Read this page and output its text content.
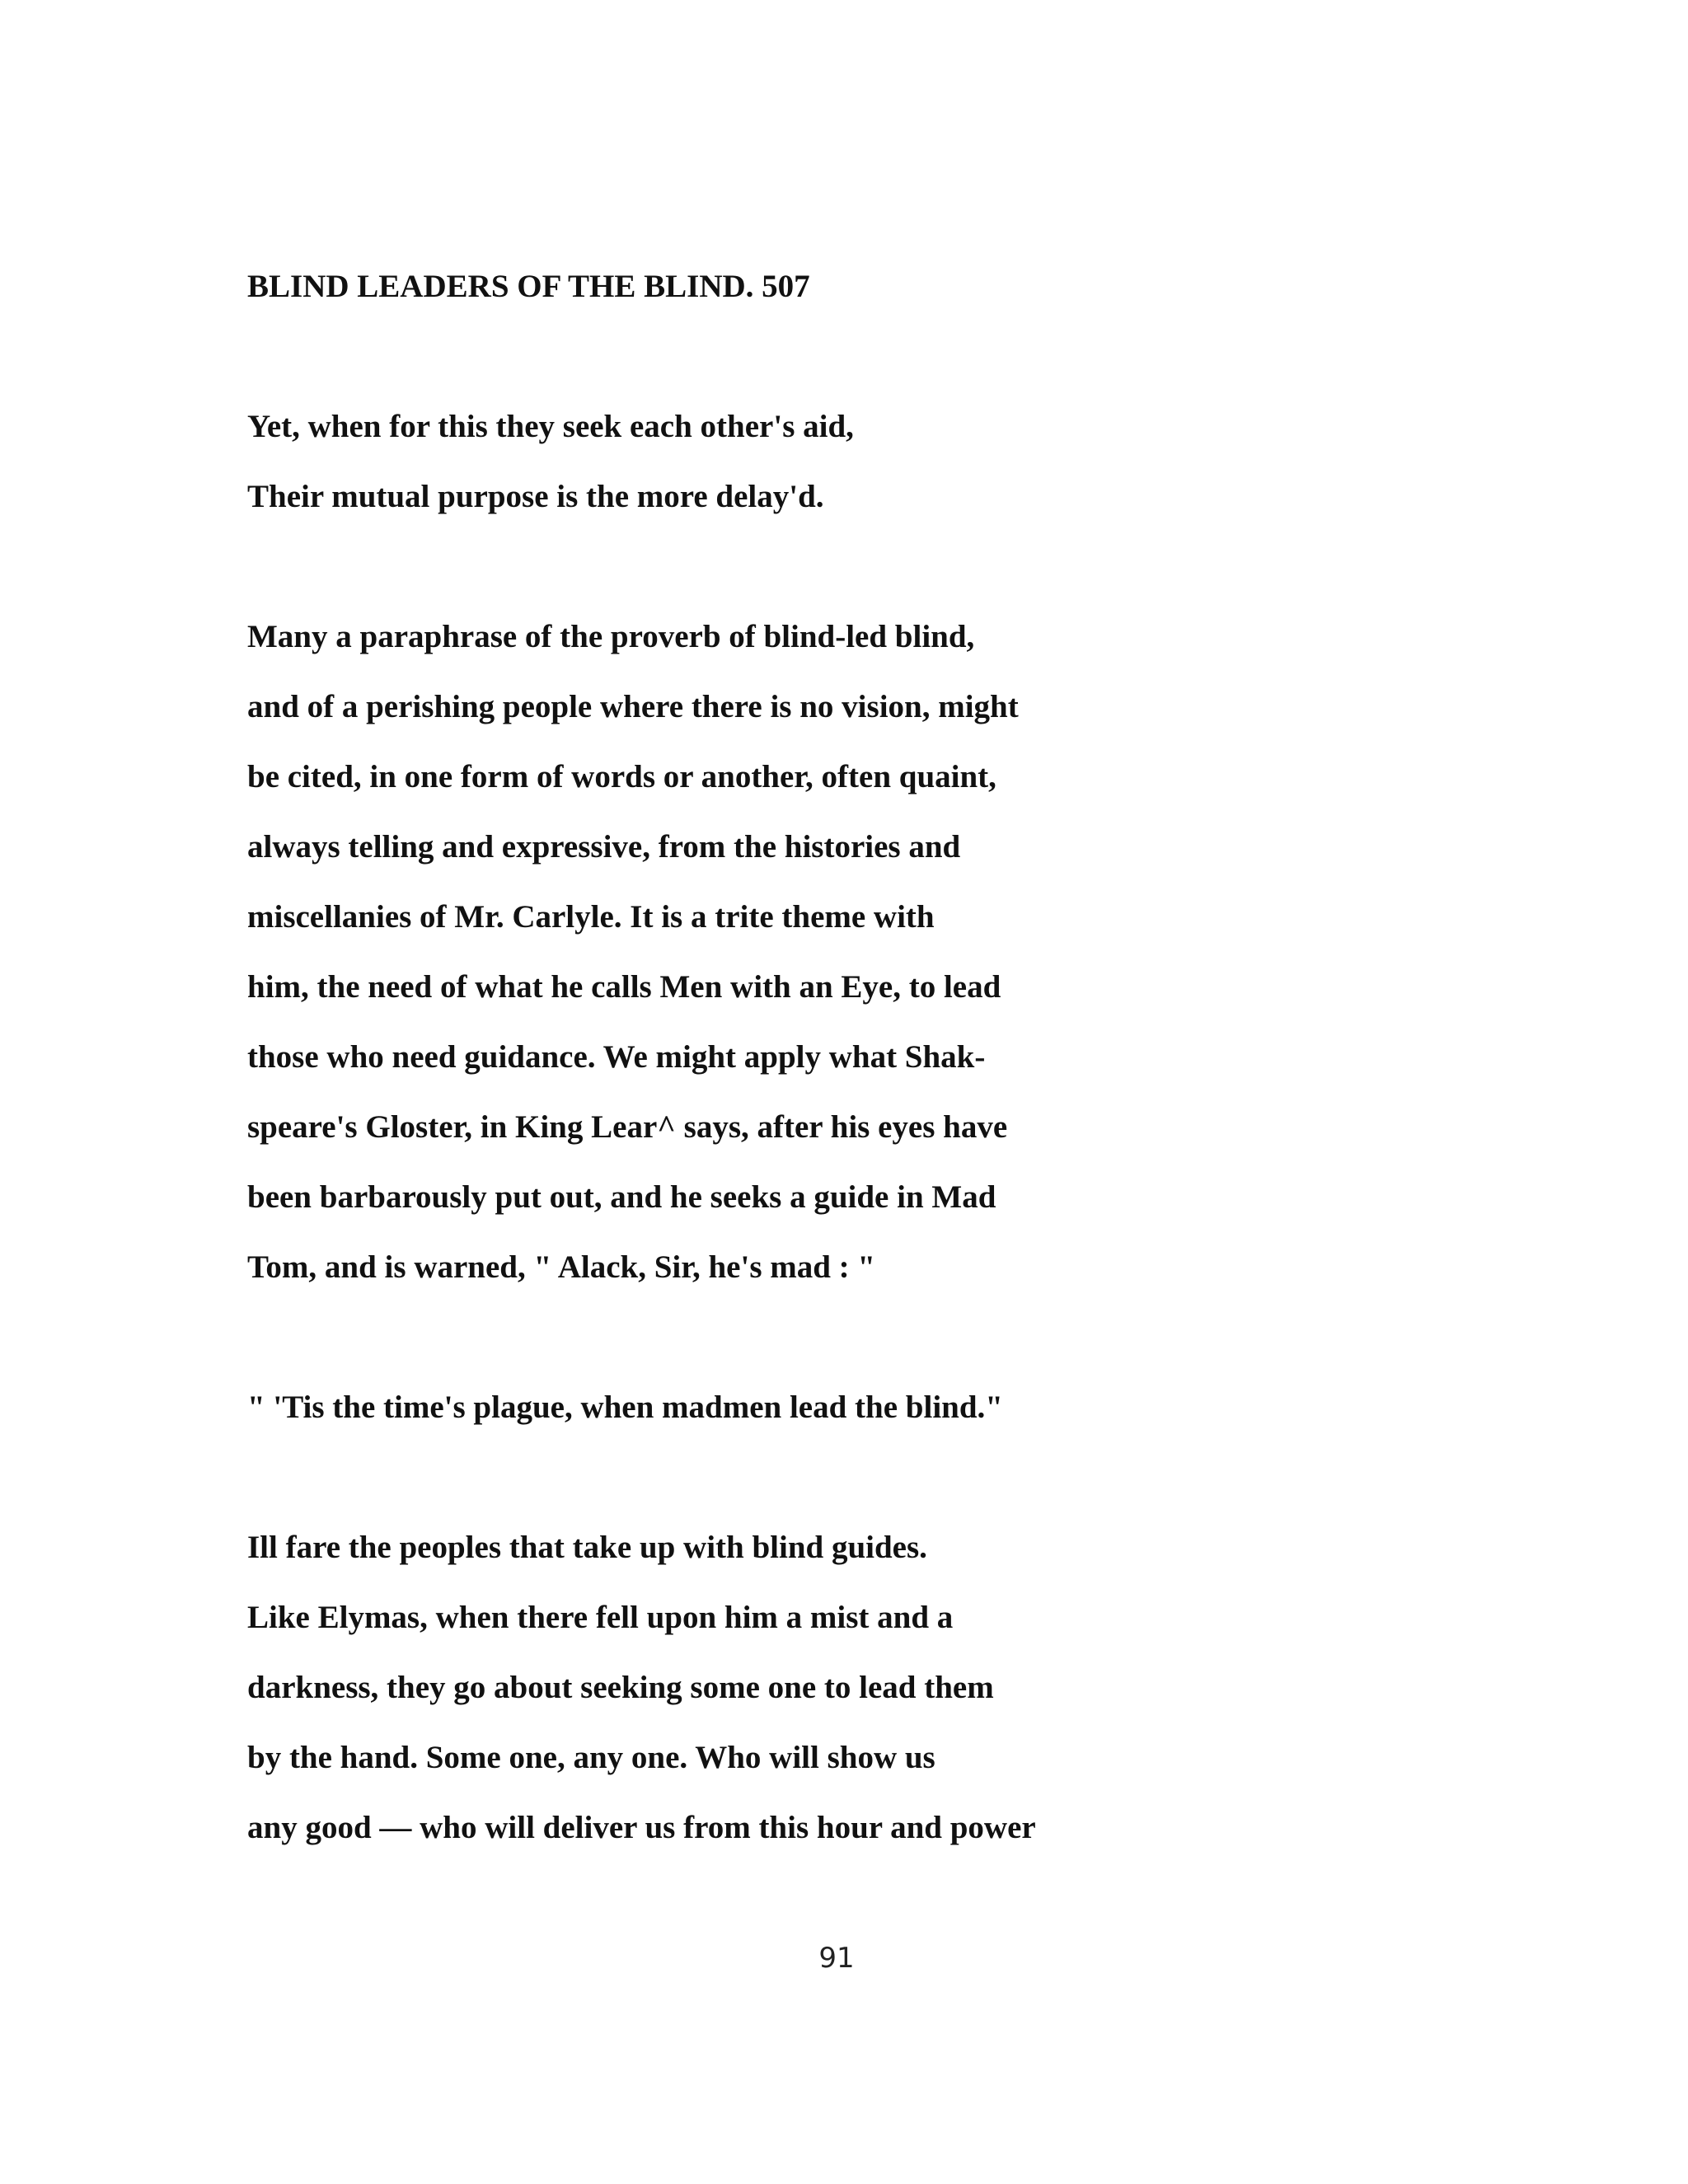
BLIND LEADERS OF THE BLIND. 507

Yet, when for this they seek each other's aid,

Their mutual purpose is the more delay'd.

Many a paraphrase of the proverb of blind-led blind,

and of a perishing people where there is no vision, might

be cited, in one form of words or another, often quaint,

always telling and expressive, from the histories and

miscellanies of Mr. Carlyle. It is a trite theme with

him, the need of what he calls Men with an Eye, to lead

those who need guidance. We might apply what Shak-

speare's Gloster, in King Lear^ says, after his eyes have

been barbarously put out, and he seeks a guide in Mad

Tom, and is warned, " Alack, Sir, he's mad : "

" 'Tis the time's plague, when madmen lead the blind."

Ill fare the peoples that take up with blind guides.

Like Elymas, when there fell upon him a mist and a

darkness, they go about seeking some one to lead them

by the hand. Some one, any one. Who will show us

any good — who will deliver us from this hour and power

91
